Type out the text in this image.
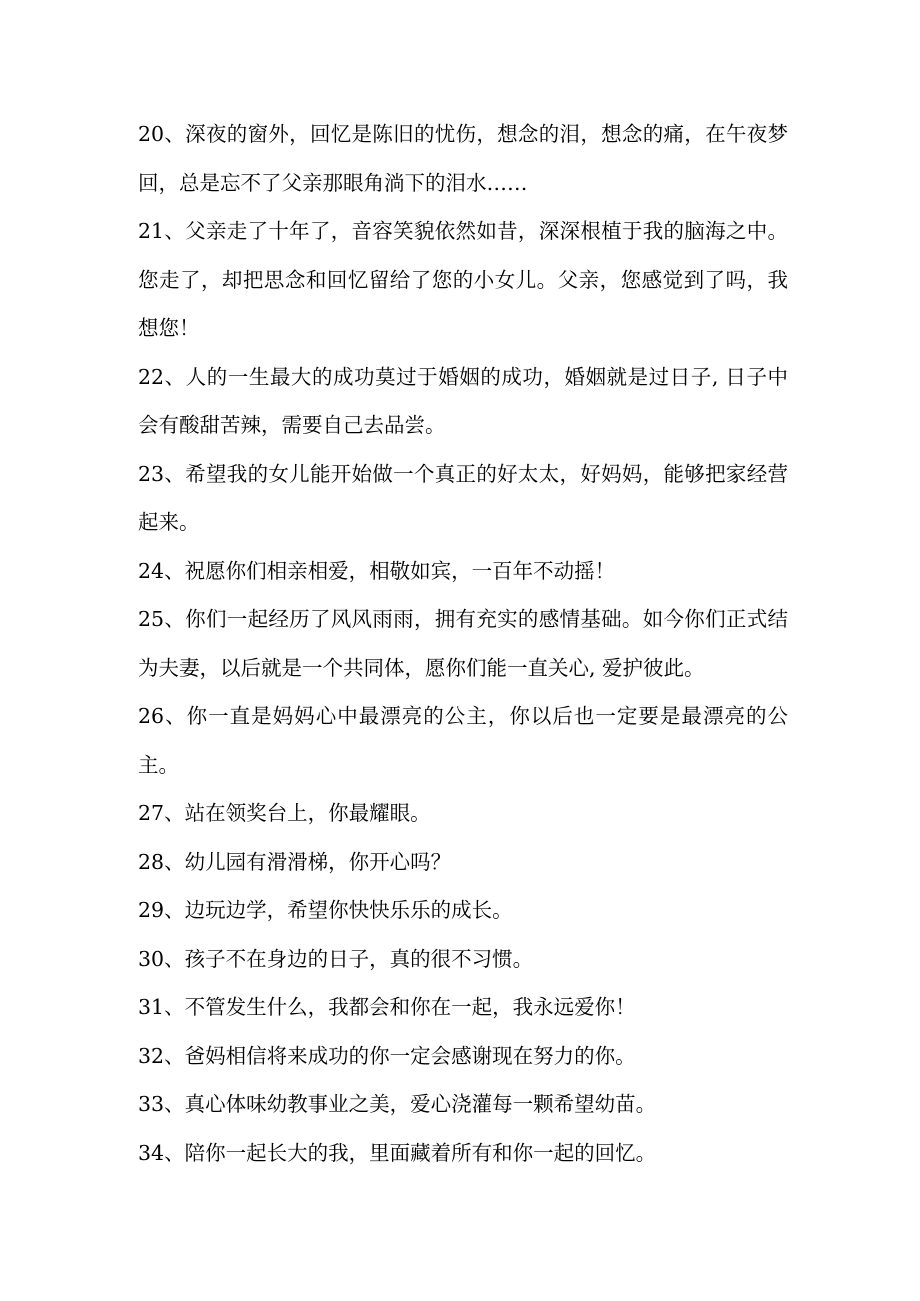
20、深夜的窗外，回忆是陈旧的忧伤，想念的泪，想念的痛，在午夜梦回，总是忘不了父亲那眼角淌下的泪水……

21、父亲走了十年了，音容笑貌依然如昔，深深根植于我的脑海之中。您走了，却把思念和回忆留给了您的小女儿。父亲，您感觉到了吗，我想您！

22、人的一生最大的成功莫过于婚姻的成功，婚姻就是过日子, 日子中会有酸甜苦辣，需要自己去品尝。

23、希望我的女儿能开始做一个真正的好太太，好妈妈，能够把家经营起来。

24、祝愿你们相亲相爱，相敬如宾，一百年不动摇！

25、你们一起经历了风风雨雨，拥有充实的感情基础。如今你们正式结为夫妻，以后就是一个共同体，愿你们能一直关心, 爱护彼此。

26、你一直是妈妈心中最漂亮的公主，你以后也一定要是最漂亮的公主。

27、站在领奖台上，你最耀眼。

28、幼儿园有滑滑梯，你开心吗？

29、边玩边学，希望你快快乐乐的成长。

30、孩子不在身边的日子，真的很不习惯。

31、不管发生什么，我都会和你在一起，我永远爱你！

32、爸妈相信将来成功的你一定会感谢现在努力的你。

33、真心体味幼教事业之美，爱心浇灌每一颗希望幼苗。

34、陪你一起长大的我，里面藏着所有和你一起的回忆。
